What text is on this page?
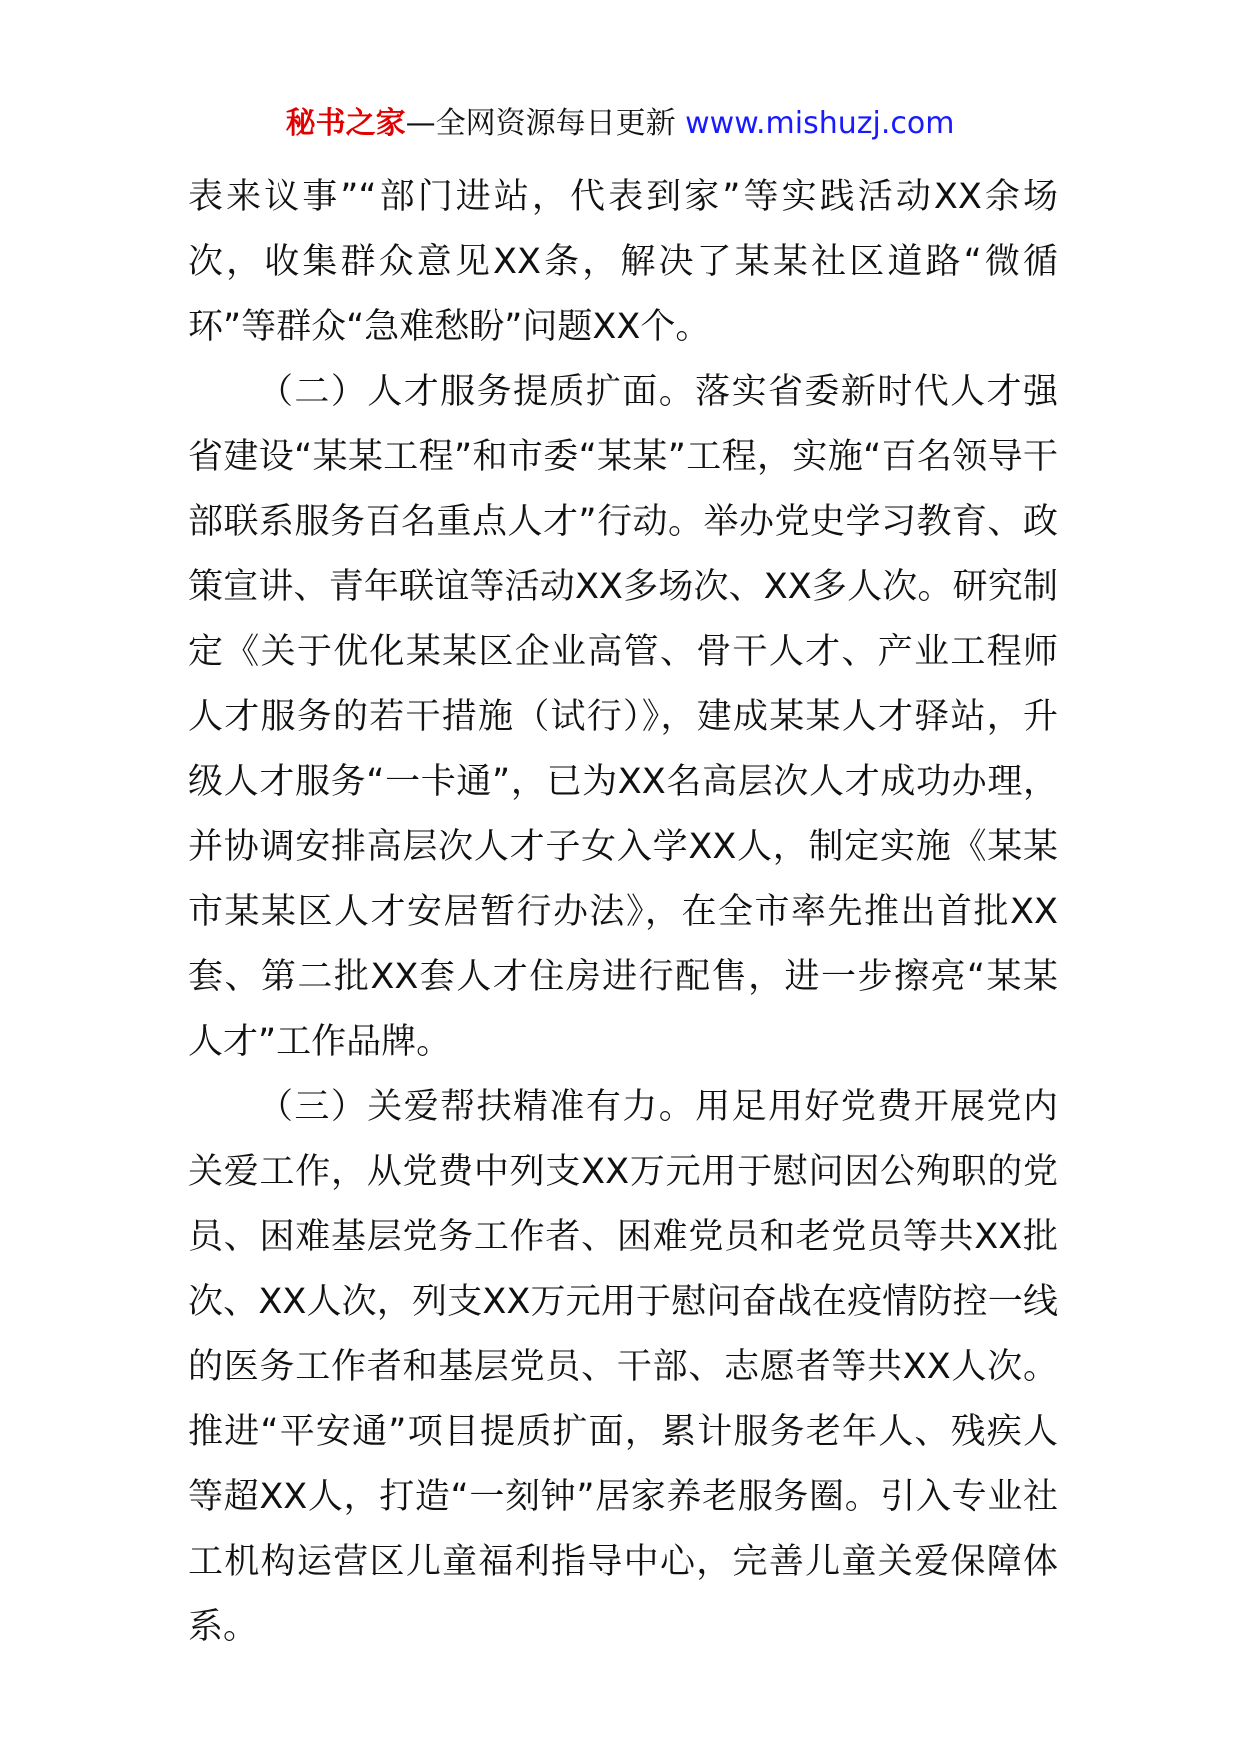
秘书之家—全网资源每日更新 www.mishuzj.com

表来议事”“部门进站，代表到家”等实践活动XX余场次，收集群众意见XX条，解决了某某社区道路“微循环”等群众“急难愁盼”问题XX个。

（二）人才服务提质扩面。落实省委新时代人才强省建设“某某工程”和市委“某某”工程，实施“百名领导干部联系服务百名重点人才”行动。举办党史学习教育、政策宣讲、青年联谊等活动XX多场次、XX多人次。研究制定《关于优化某某区企业高管、骨干人才、产业工程师人才服务的若干措施（试行）》，建成某某人才驿站，升级人才服务“一卡通”，已为XX名高层次人才成功办理，并协调安排高层次人才子女入学XX人，制定实施《某某市某某区人才安居暂行办法》，在全市率先推出首批XX套、第二批XX套人才住房进行配售，进一步擦亮“某某人才”工作品牌。

（三）关爱帮扶精准有力。用足用好党费开展党内关爱工作，从党费中列支XX万元用于慰问因公殉职的党员、困难基层党务工作者、困难党员和老党员等共XX批次、XX人次，列支XX万元用于慰问奋战在疫情防控一线的医务工作者和基层党员、干部、志愿者等共XX人次。推进“平安通”项目提质扩面，累计服务老年人、残疾人等超XX人，打造“一刻钟”居家养老服务圈。引入专业社工机构运营区儿童福利指导中心，完善儿童关爱保障体系。
